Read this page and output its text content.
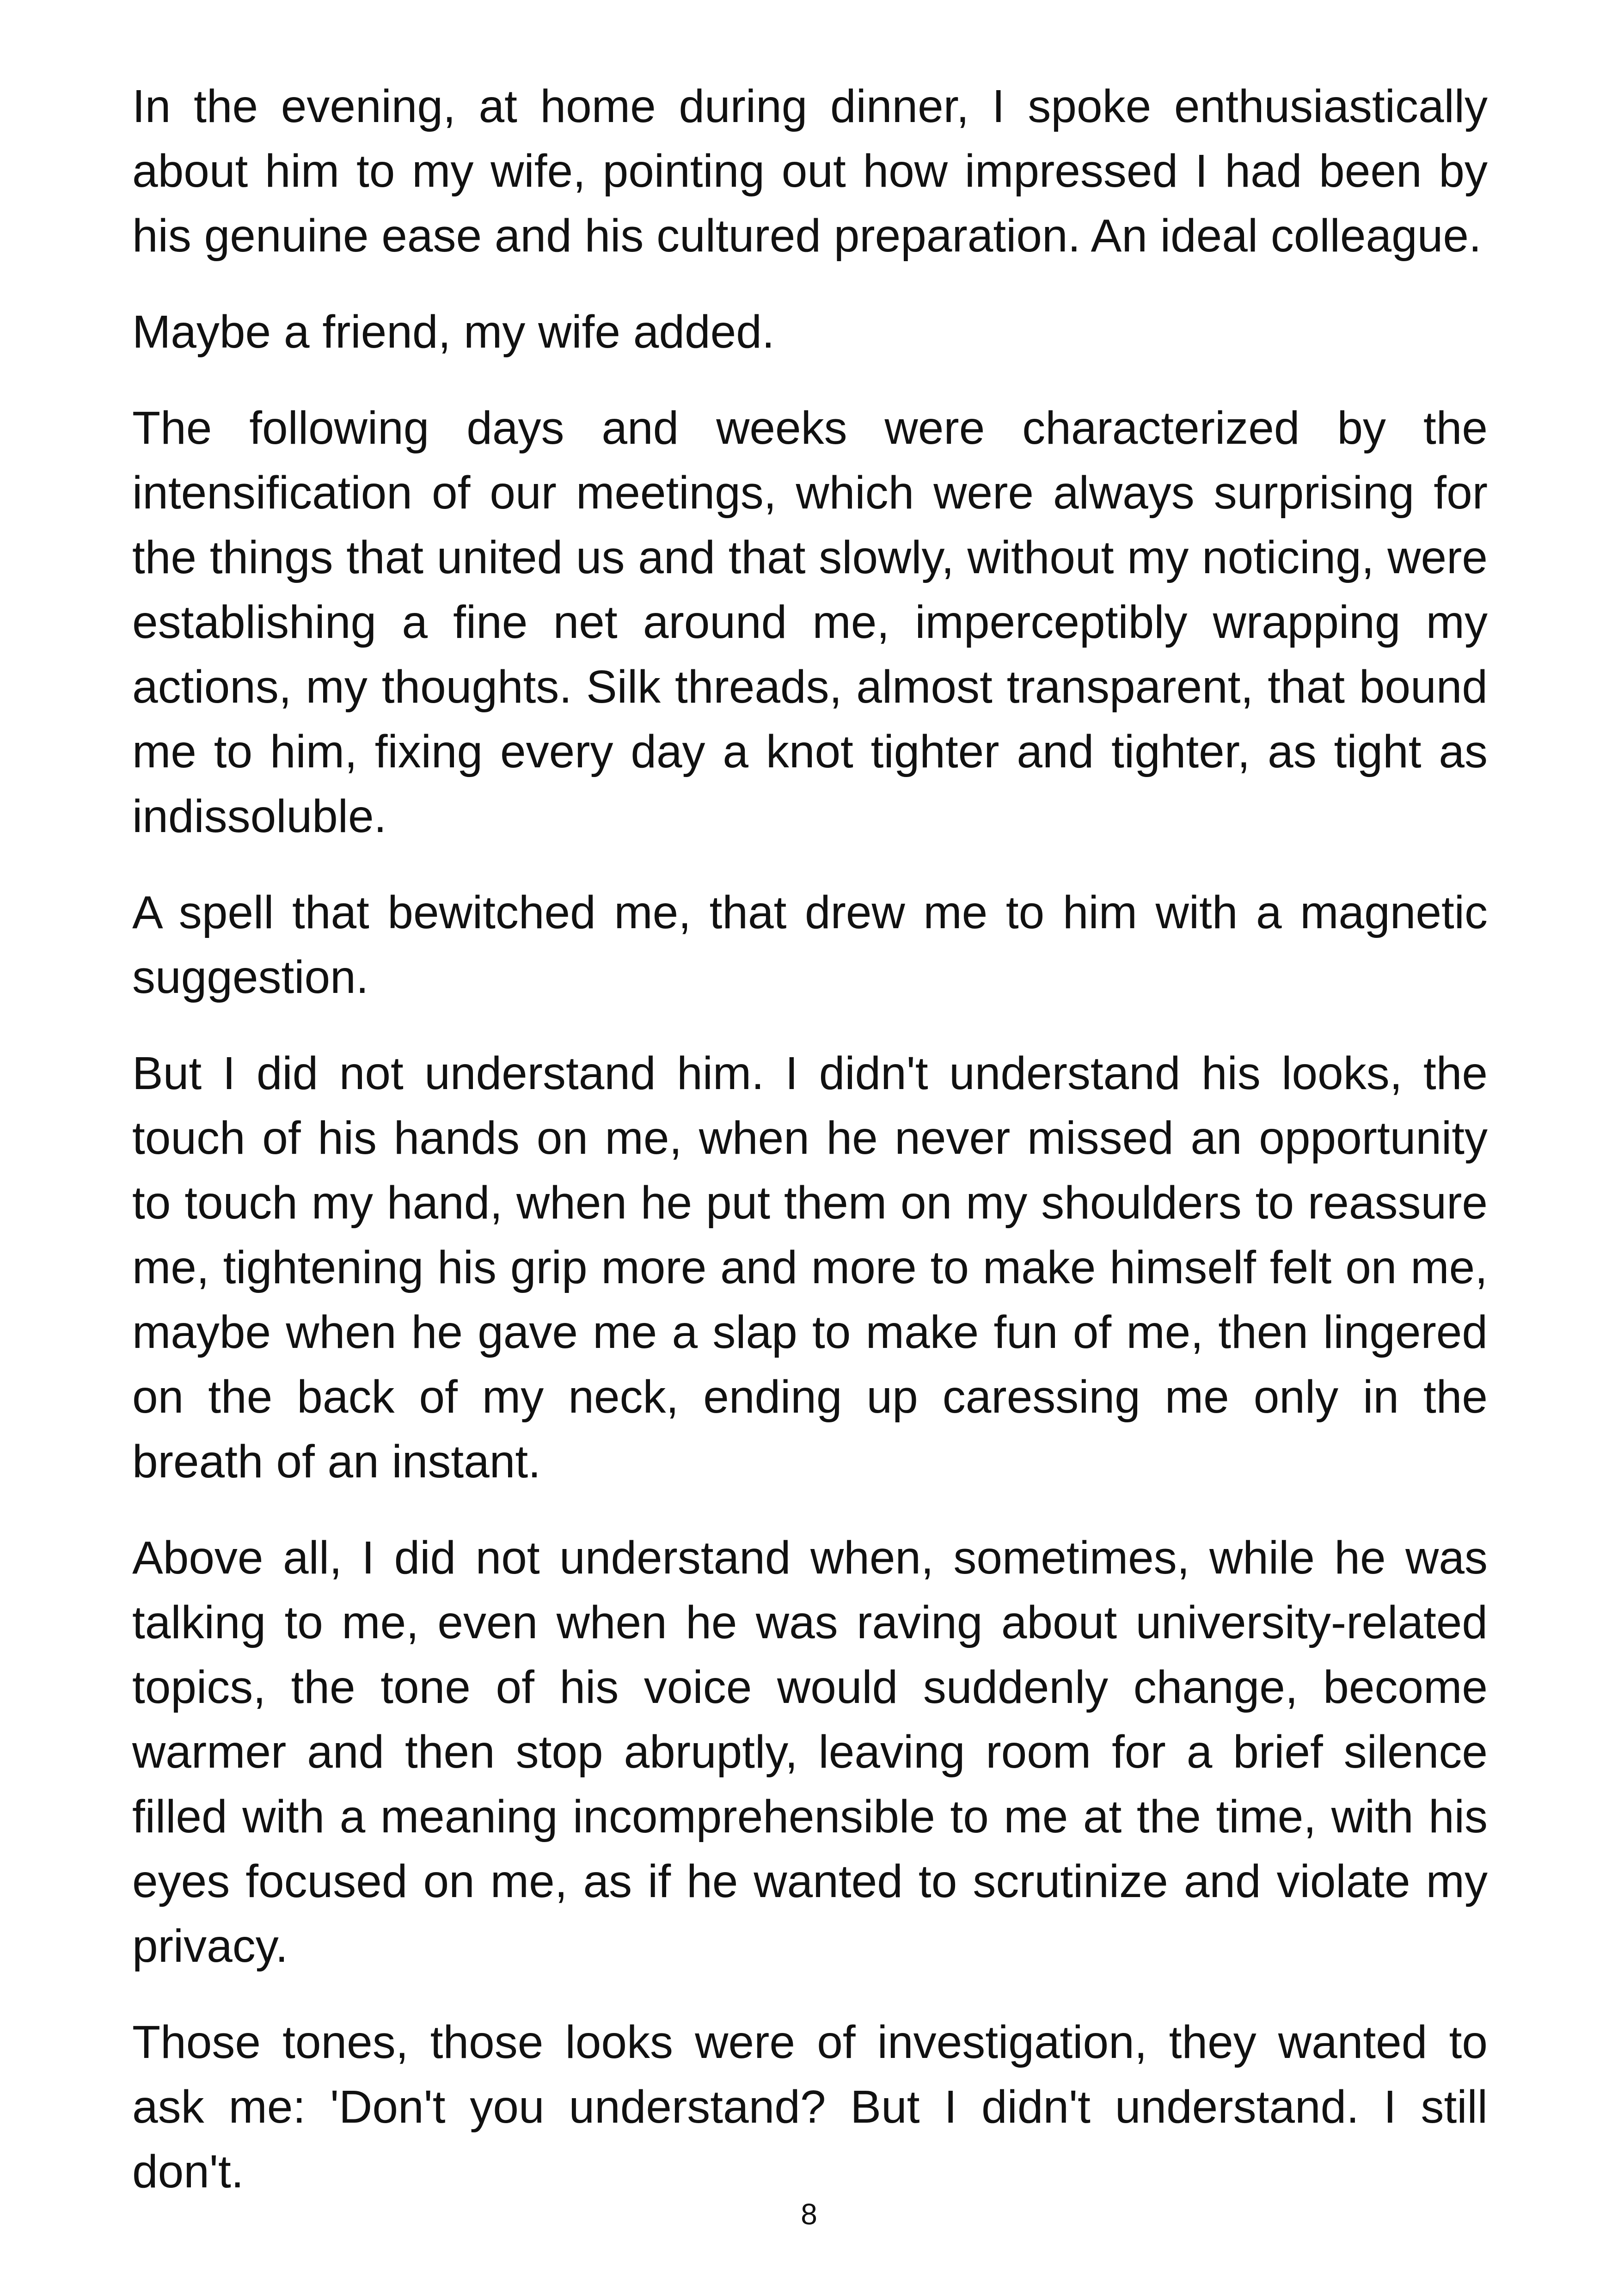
In the evening, at home during dinner, I spoke enthusiastically about him to my wife, pointing out how impressed I had been by his genuine ease and his cultured preparation. An ideal colleague.

Maybe a friend, my wife added.

The following days and weeks were characterized by the intensification of our meetings, which were always surprising for the things that united us and that slowly, without my noticing, were establishing a fine net around me, imperceptibly wrapping my actions, my thoughts. Silk threads, almost transparent, that bound me to him, fixing every day a knot tighter and tighter, as tight as indissoluble.

A spell that bewitched me, that drew me to him with a magnetic suggestion.

But I did not understand him. I didn't understand his looks, the touch of his hands on me, when he never missed an opportunity to touch my hand, when he put them on my shoulders to reassure me, tightening his grip more and more to make himself felt on me, maybe when he gave me a slap to make fun of me, then lingered on the back of my neck, ending up caressing me only in the breath of an instant.

Above all, I did not understand when, sometimes, while he was talking to me, even when he was raving about university-related topics, the tone of his voice would suddenly change, become warmer and then stop abruptly, leaving room for a brief silence filled with a meaning incomprehensible to me at the time, with his eyes focused on me, as if he wanted to scrutinize and violate my privacy.

Those tones, those looks were of investigation, they wanted to ask me: 'Don't you understand? But I didn't understand. I still don't.

8
